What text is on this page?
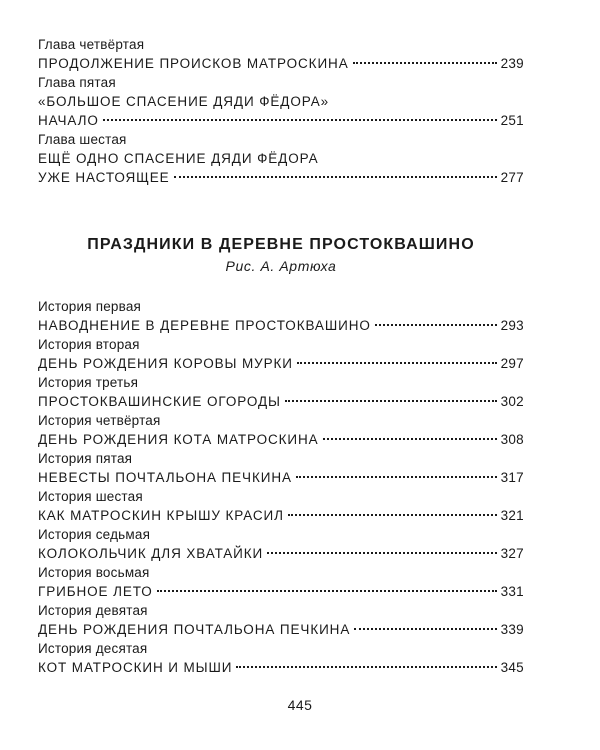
Глава четвёртая
ПРОДОЛЖЕНИЕ ПРОИСКОВ МАТРОСКИНА	239
Глава пятая
«БОЛЬШОЕ СПАСЕНИЕ ДЯДИ ФЁДОРА»
НАЧАЛО	251
Глава шестая
ЕЩЁ ОДНО СПАСЕНИЕ ДЯДИ ФЁДОРА
УЖЕ НАСТОЯЩЕЕ	277
ПРАЗДНИКИ В ДЕРЕВНЕ ПРОСТОКВАШИНО
Рис. А. Артюха
История первая
НАВОДНЕНИЕ В ДЕРЕВНЕ ПРОСТОКВАШИНО	293
История вторая
ДЕНЬ РОЖДЕНИЯ КОРОВЫ МУРКИ	297
История третья
ПРОСТОКВАШИНСКИЕ ОГОРОДЫ	302
История четвёртая
ДЕНЬ РОЖДЕНИЯ КОТА МАТРОСКИНА	308
История пятая
НЕВЕСТЫ ПОЧТАЛЬОНА ПЕЧКИНА	317
История шестая
КАК МАТРОСКИН КРЫШУ КРАСИЛ	321
История седьмая
КОЛОКОЛЬЧИК ДЛЯ ХВАТАЙКИ	327
История восьмая
ГРИБНОЕ ЛЕТО	331
История девятая
ДЕНЬ РОЖДЕНИЯ ПОЧТАЛЬОНА ПЕЧКИНА	339
История десятая
КОТ МАТРОСКИН И МЫШИ	345
445
